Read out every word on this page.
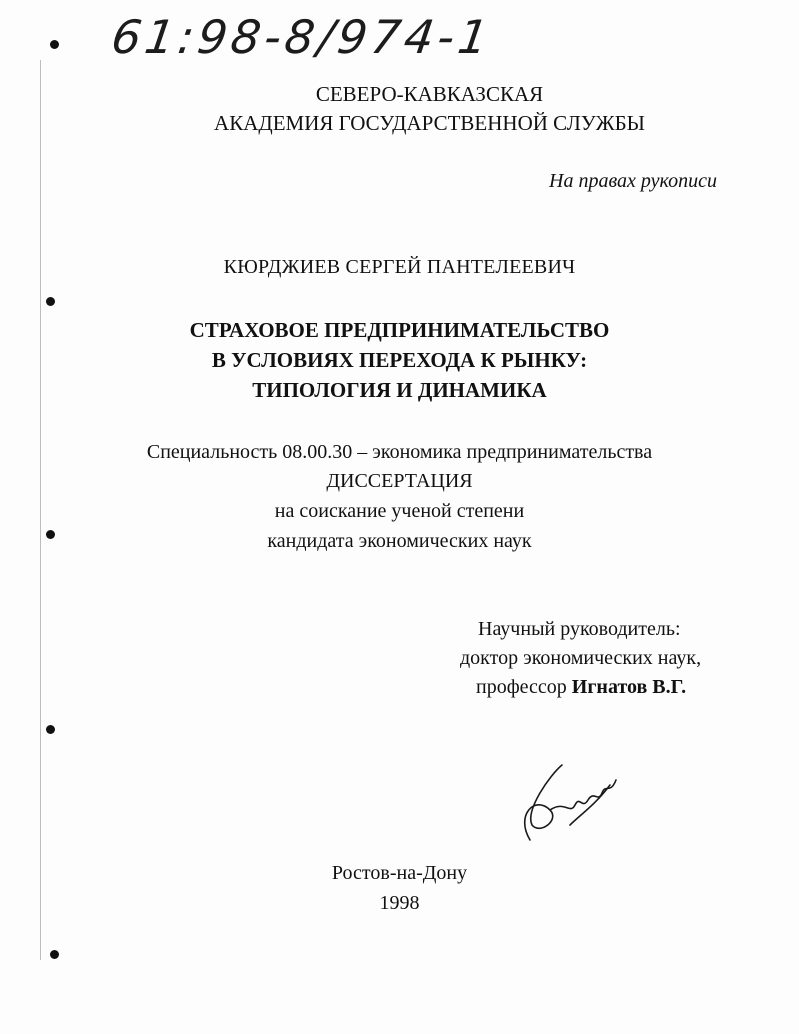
61:98-8/974-1
СЕВЕРО-КАВКАЗСКАЯ
АКАДЕМИЯ ГОСУДАРСТВЕННОЙ СЛУЖБЫ
На правах рукописи
КЮРДЖИЕВ СЕРГЕЙ ПАНТЕЛЕЕВИЧ
СТРАХОВОЕ ПРЕДПРИНИМАТЕЛЬСТВО
В УСЛОВИЯХ ПЕРЕХОДА К РЫНКУ:
ТИПОЛОГИЯ И ДИНАМИКА
Специальность 08.00.30 – экономика предпринимательства
ДИССЕРТАЦИЯ
на соискание ученой степени
кандидата экономических наук
Научный руководитель:
доктор экономических наук,
профессор Игнатов В.Г.
Ростов-на-Дону
1998
